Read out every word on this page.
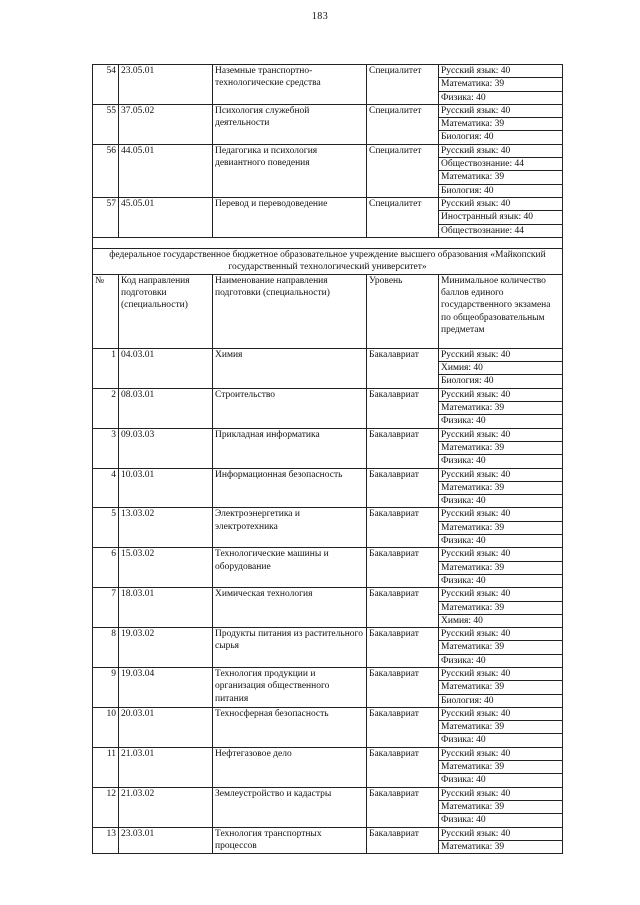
183
54	23.05.01	Наземные транспортно-технологические средства	Специалитет	Русский язык: 40
				Математика: 39
				Физика: 40
55	37.05.02	Психология служебной деятельности	Специалитет	Русский язык: 40
				Математика: 39
				Биология: 40
56	44.05.01	Педагогика и психология девиантного поведения	Специалитет	Русский язык: 40
				Обществознание: 44
				Математика: 39
				Биология: 40
57	45.05.01	Перевод и переводоведение	Специалитет	Русский язык: 40
				Иностранный язык: 40
				Обществознание: 44

федеральное государственное бюджетное образовательное учреждение высшего образования «Майкопский государственный технологический университет»				
№	Код направления подготовки (специальности)	Наименование направления подготовки (специальности)	Уровень	Минимальное количество баллов единого государственного экзамена по общеобразовательным предметам
1	04.03.01	Химия	Бакалавриат	Русский язык: 40
				Химия: 40
				Биология: 40
2	08.03.01	Строительство	Бакалавриат	Русский язык: 40
				Математика: 39
				Физика: 40
3	09.03.03	Прикладная информатика	Бакалавриат	Русский язык: 40
				Математика: 39
				Физика: 40
4	10.03.01	Информационная безопасность	Бакалавриат	Русский язык: 40
				Математика: 39
				Физика: 40
5	13.03.02	Электроэнергетика и электротехника	Бакалавриат	Русский язык: 40
				Математика: 39
				Физика: 40
6	15.03.02	Технологические машины и оборудование	Бакалавриат	Русский язык: 40
				Математика: 39
				Физика: 40
7	18.03.01	Химическая технология	Бакалавриат	Русский язык: 40
				Математика: 39
				Химия: 40
8	19.03.02	Продукты питания из растительного сырья	Бакалавриат	Русский язык: 40
				Математика: 39
				Физика: 40
9	19.03.04	Технология продукции и организация общественного питания	Бакалавриат	Русский язык: 40
				Математика: 39
				Биология: 40
10	20.03.01	Техносферная безопасность	Бакалавриат	Русский язык: 40
				Математика: 39
				Физика: 40
11	21.03.01	Нефтегазовое дело	Бакалавриат	Русский язык: 40
				Математика: 39
				Физика: 40
12	21.03.02	Землеустройство и кадастры	Бакалавриат	Русский язык: 40
				Математика: 39
				Физика: 40
13	23.03.01	Технология транспортных процессов	Бакалавриат	Русский язык: 40
				Математика: 39
